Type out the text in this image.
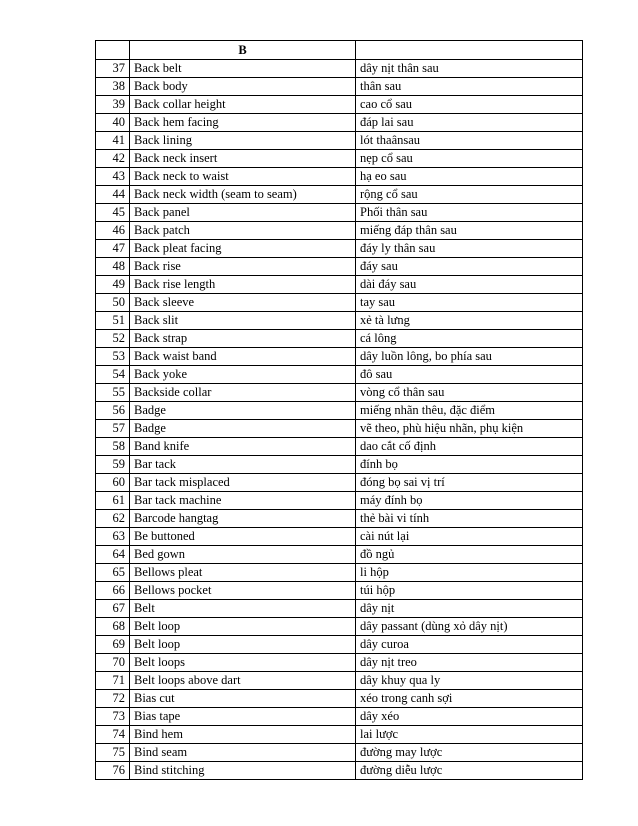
	B	
37	Back belt	dây nịt thân sau
38	Back body	thân sau
39	Back collar height	cao cổ sau
40	Back hem facing	đáp lai sau
41	Back lining	lót thaânsau
42	Back neck insert	nẹp cổ sau
43	Back neck to waist	hạ eo sau
44	Back neck width (seam to seam)	rộng cổ sau
45	Back panel	Phối thân sau
46	Back patch	miếng đáp thân sau
47	Back pleat facing	đáy ly thân sau
48	Back rise	đáy sau
49	Back rise length	dài đáy sau
50	Back sleeve	tay sau
51	Back slit	xẻ tà lưng
52	Back strap	cá lông
53	Back waist band	dây luồn lông, bo phía sau
54	Back yoke	đô sau
55	Backside collar	vòng cổ thân sau
56	Badge	miếng nhãn thêu, đặc điểm
57	Badge	vẽ theo, phù hiệu nhãn, phụ kiện
58	Band knife	dao cắt cố định
59	Bar tack	đính bọ
60	Bar tack misplaced	đóng bọ sai vị trí
61	Bar tack machine	máy đính bọ
62	Barcode hangtag	thẻ bài vi tính
63	Be buttoned	cài nút lại
64	Bed gown	đồ ngủ
65	Bellows pleat	li hộp
66	Bellows pocket	túi hộp
67	Belt	dây nịt
68	Belt loop	dây passant (dùng xỏ dây nịt)
69	Belt loop	dây curoa
70	Belt loops	dây nịt treo
71	Belt loops above dart	dây khuy qua ly
72	Bias cut	xéo trong canh sợi
73	Bias tape	dây xéo
74	Bind hem	lai lược
75	Bind seam	đường may lược
76	Bind stitching	đường diễu lược
